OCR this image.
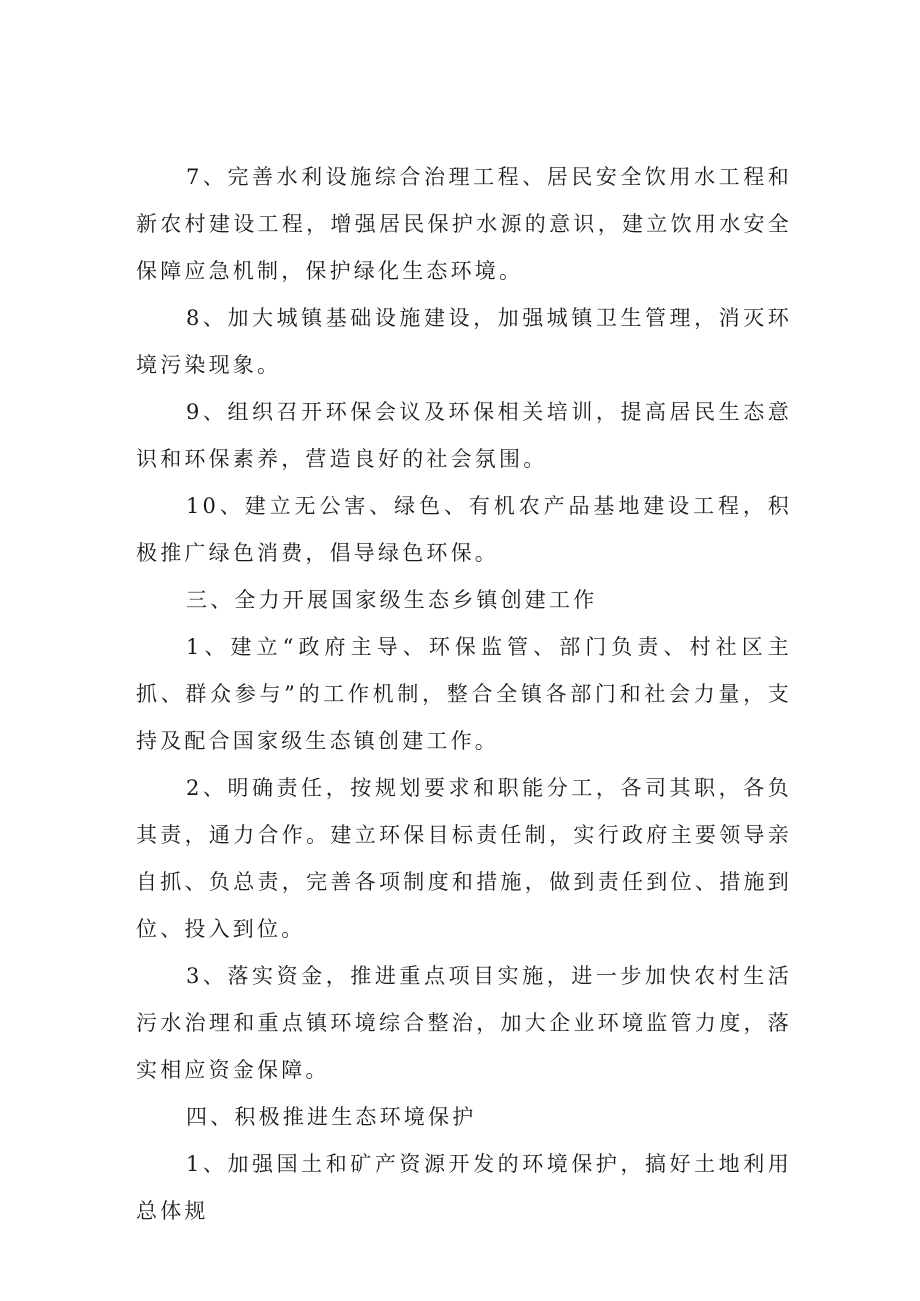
7、完善水利设施综合治理工程、居民安全饮用水工程和新农村建设工程，增强居民保护水源的意识，建立饮用水安全保障应急机制，保护绿化生态环境。

8、加大城镇基础设施建设，加强城镇卫生管理，消灭环境污染现象。

9、组织召开环保会议及环保相关培训，提高居民生态意识和环保素养，营造良好的社会氛围。

10、建立无公害、绿色、有机农产品基地建设工程，积极推广绿色消费，倡导绿色环保。

三、全力开展国家级生态乡镇创建工作

1、建立“政府主导、环保监管、部门负责、村社区主抓、群众参与”的工作机制，整合全镇各部门和社会力量，支持及配合国家级生态镇创建工作。

2、明确责任，按规划要求和职能分工，各司其职，各负其责，通力合作。建立环保目标责任制，实行政府主要领导亲自抓、负总责，完善各项制度和措施，做到责任到位、措施到位、投入到位。

3、落实资金，推进重点项目实施，进一步加快农村生活污水治理和重点镇环境综合整治，加大企业环境监管力度，落实相应资金保障。

四、积极推进生态环境保护

1、加强国土和矿产资源开发的环境保护，搞好土地利用总体规
